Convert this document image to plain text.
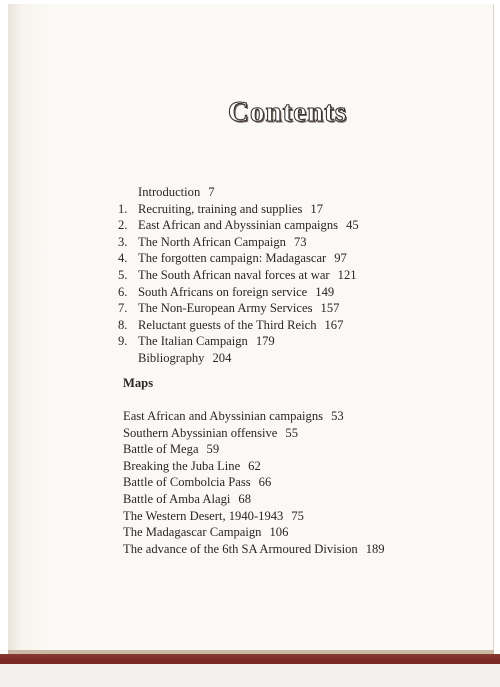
Contents
Introduction 7
1. Recruiting, training and supplies 17
2. East African and Abyssinian campaigns 45
3. The North African Campaign 73
4. The forgotten campaign: Madagascar 97
5. The South African naval forces at war 121
6. South Africans on foreign service 149
7. The Non-European Army Services 157
8. Reluctant guests of the Third Reich 167
9. The Italian Campaign 179
Bibliography 204
Maps
East African and Abyssinian campaigns 53
Southern Abyssinian offensive 55
Battle of Mega 59
Breaking the Juba Line 62
Battle of Combolcia Pass 66
Battle of Amba Alagi 68
The Western Desert, 1940-1943 75
The Madagascar Campaign 106
The advance of the 6th SA Armoured Division 189
